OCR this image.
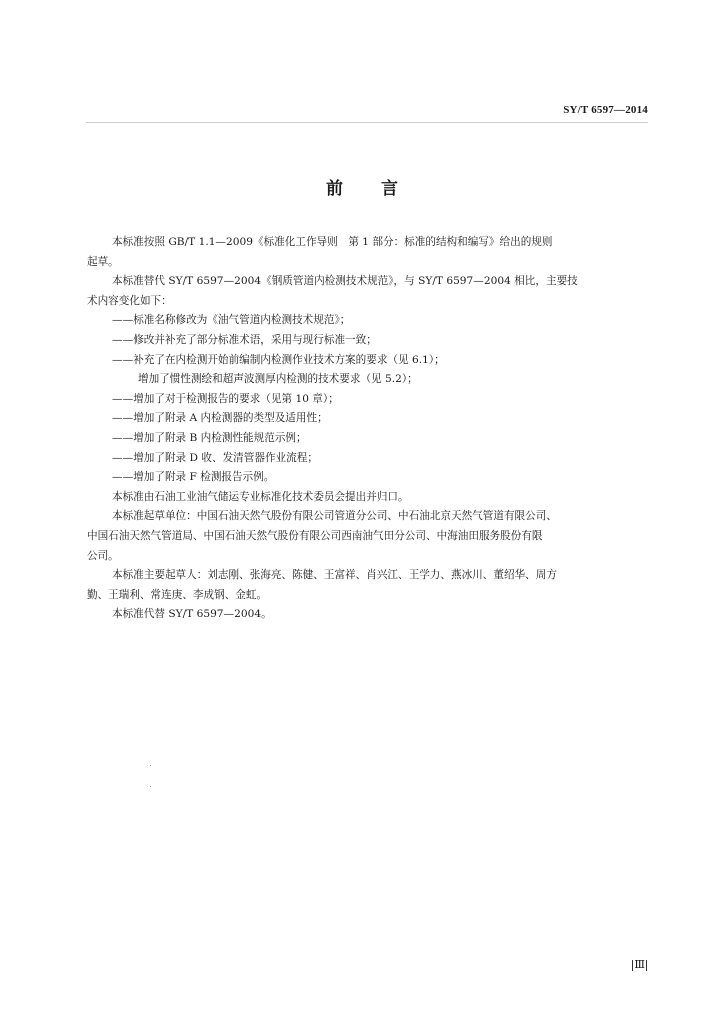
SY/T 6597—2014
前言
本标准按照 GB/T 1.1—2009《标准化工作导则　第 1 部分：标准的结构和编写》给出的规则
起草。
本标准替代 SY/T 6597—2004《钢质管道内检测技术规范》，与 SY/T 6597—2004 相比，主要技
术内容变化如下：
——标准名称修改为《油气管道内检测技术规范》；
——修改并补充了部分标准术语，采用与现行标准一致；
——补充了在内检测开始前编制内检测作业技术方案的要求（见 6.1）；
增加了惯性测绘和超声波测厚内检测的技术要求（见 5.2）；
——增加了对于检测报告的要求（见第 10 章）；
——增加了附录 A 内检测器的类型及适用性；
——增加了附录 B 内检测性能规范示例；
——增加了附录 D 收、发清管器作业流程；
——增加了附录 F 检测报告示例。
本标准由石油工业油气储运专业标准化技术委员会提出并归口。
本标准起草单位：中国石油天然气股份有限公司管道分公司、中石油北京天然气管道有限公司、
中国石油天然气管道局、中国石油天然气股份有限公司西南油气田分公司、中海油田服务股份有限
公司。
本标准主要起草人：刘志刚、张海亮、陈健、王富祥、肖兴江、王学力、燕冰川、董绍华、周方
勤、王瑞利、常连庚、李成钢、金虹。
本标准代替 SY/T 6597—2004。
Ⅲ
